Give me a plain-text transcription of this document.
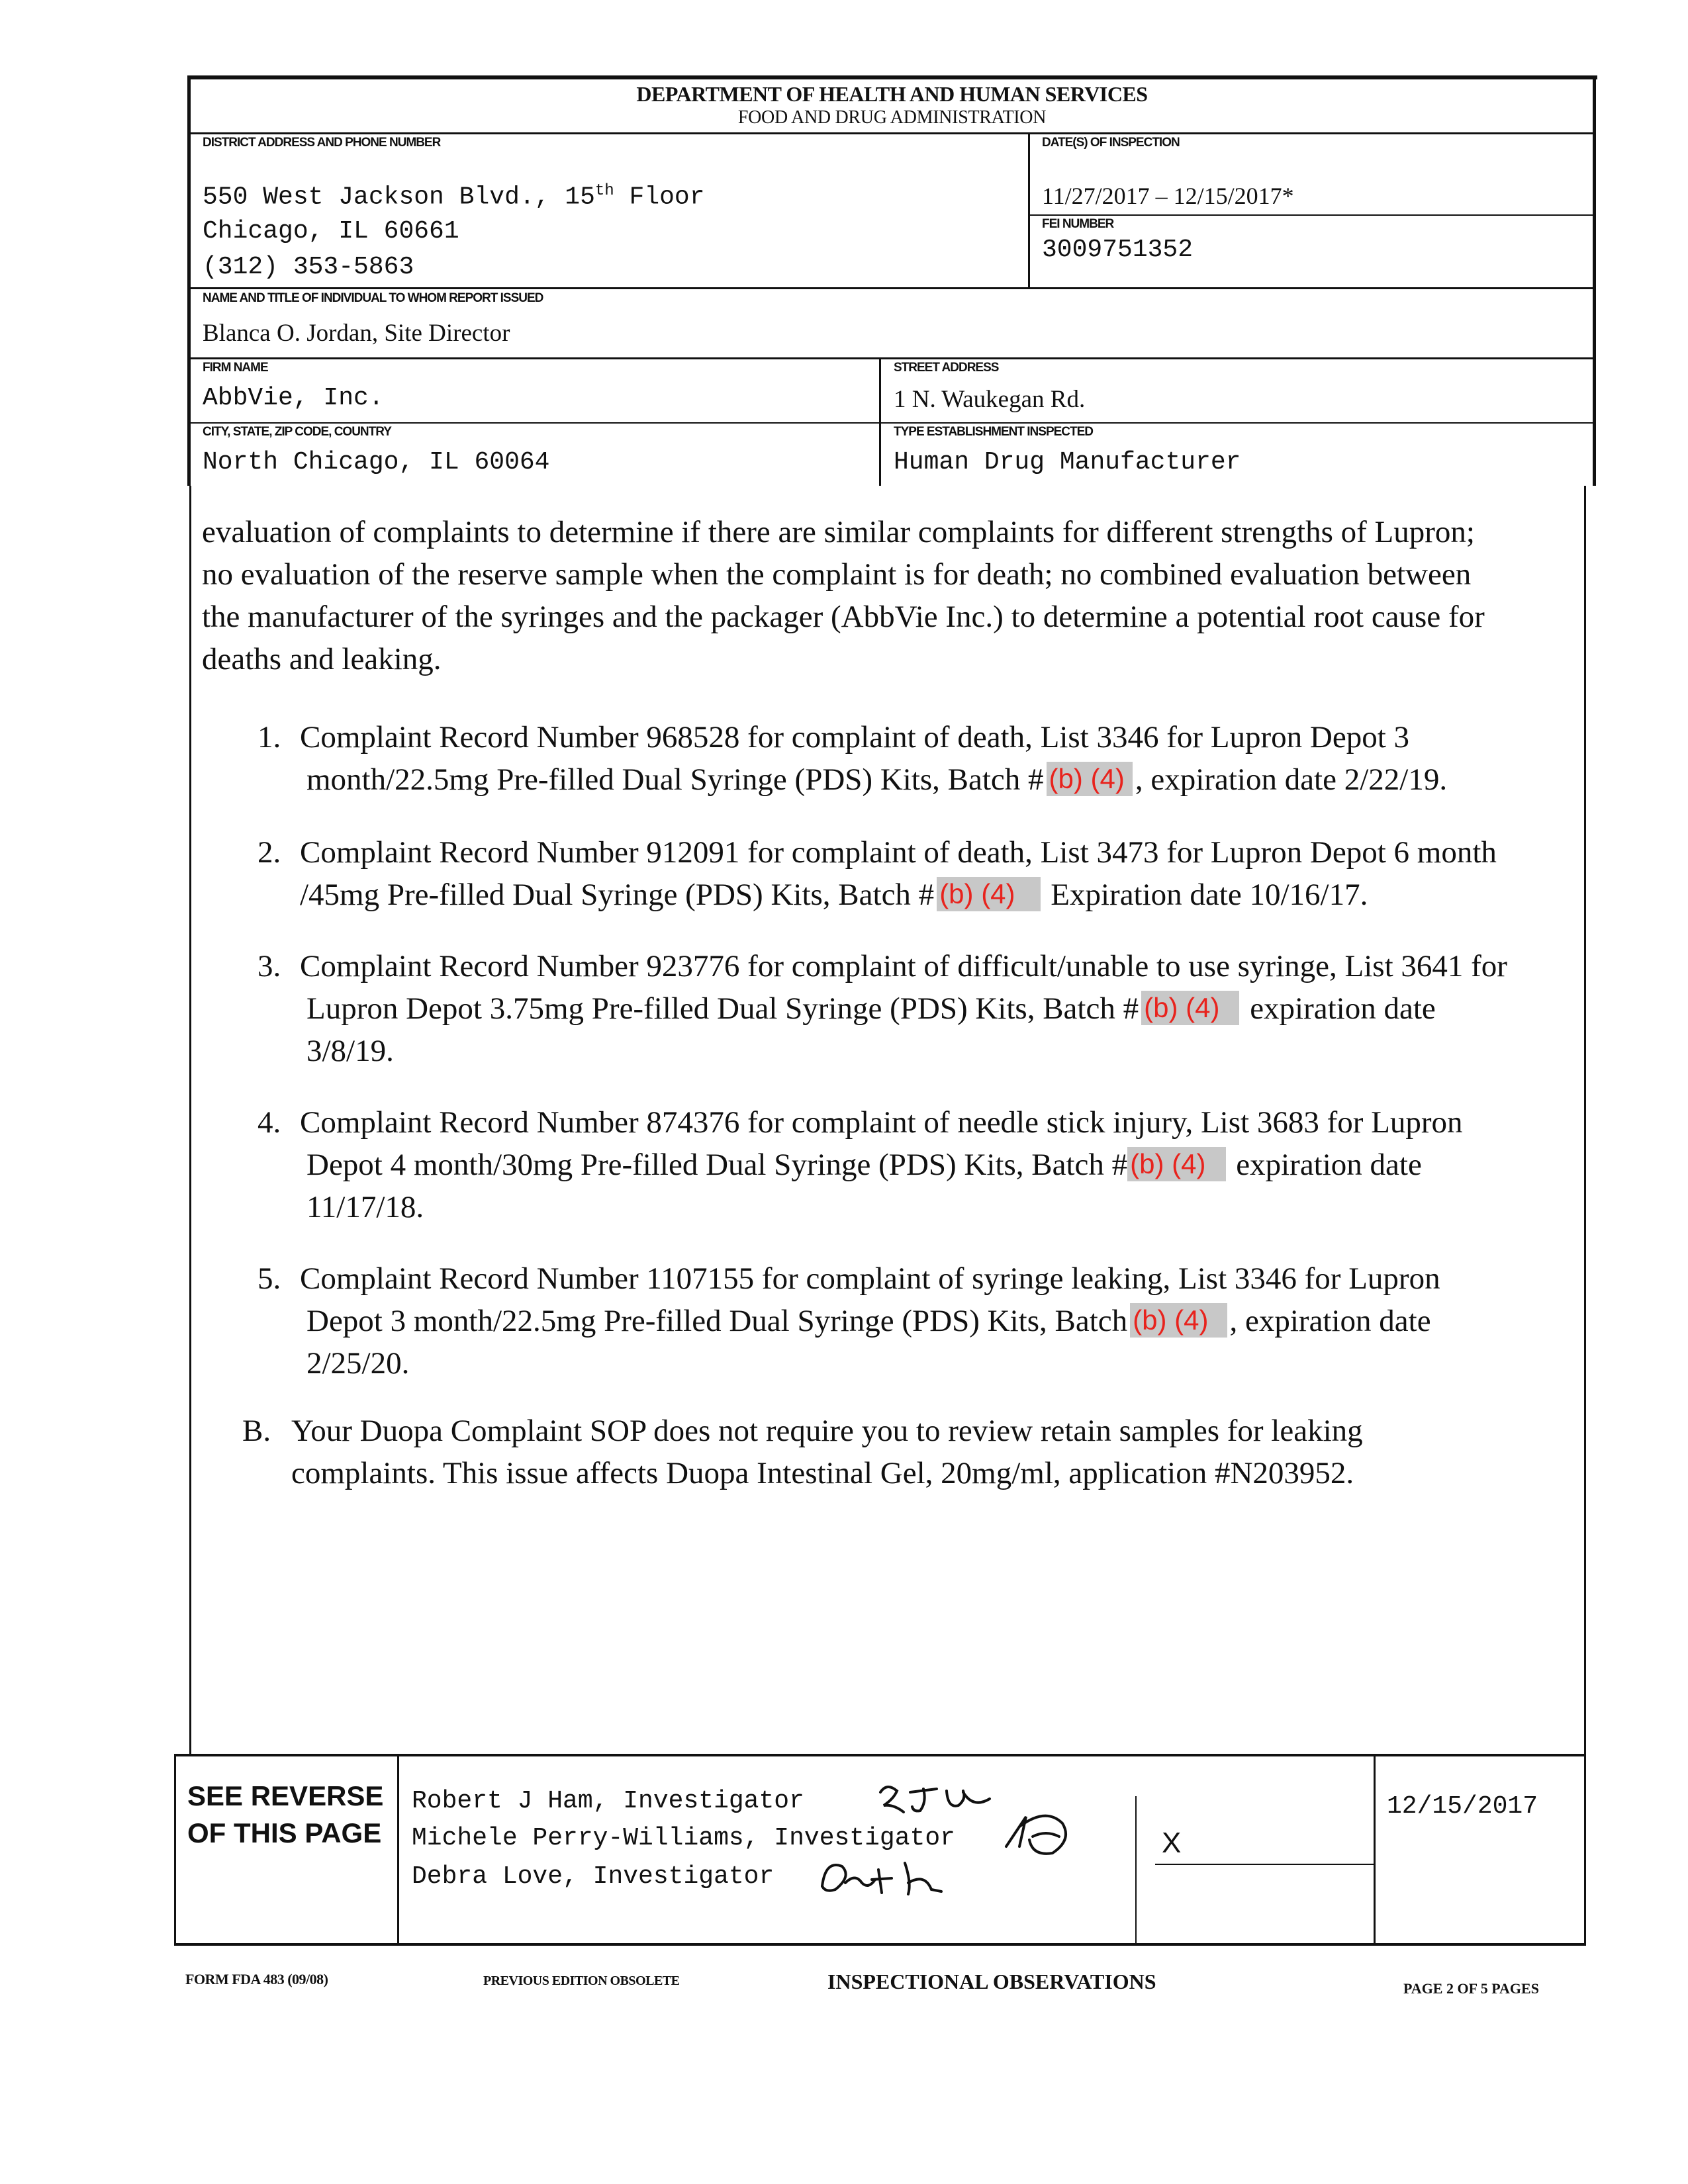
DEPARTMENT OF HEALTH AND HUMAN SERVICES
FOOD AND DRUG ADMINISTRATION
DISTRICT ADDRESS AND PHONE NUMBER
550 West Jackson Blvd., 15th Floor
Chicago, IL 60661
(312) 353-5863
DATE(S) OF INSPECTION
11/27/2017 – 12/15/2017*
FEI NUMBER
3009751352
NAME AND TITLE OF INDIVIDUAL TO WHOM REPORT ISSUED
Blanca O. Jordan, Site Director
FIRM NAME
AbbVie, Inc.
STREET ADDRESS
1 N. Waukegan Rd.
CITY, STATE, ZIP CODE, COUNTRY
North Chicago, IL 60064
TYPE ESTABLISHMENT INSPECTED
Human Drug Manufacturer
evaluation of complaints to determine if there are similar complaints for different strengths of Lupron;
no evaluation of the reserve sample when the complaint is for death; no combined evaluation between
the manufacturer of the syringes and the packager (AbbVie Inc.) to determine a potential root cause for
deaths and leaking.
1. Complaint Record Number 968528 for complaint of death, List 3346 for Lupron Depot 3
month/22.5mg Pre-filled Dual Syringe (PDS) Kits, Batch # (b) (4) , expiration date 2/22/19.
2. Complaint Record Number 912091 for complaint of death, List 3473 for Lupron Depot 6 month
/45mg Pre-filled Dual Syringe (PDS) Kits, Batch # (b) (4) Expiration date 10/16/17.
3. Complaint Record Number 923776 for complaint of difficult/unable to use syringe, List 3641 for
Lupron Depot 3.75mg Pre-filled Dual Syringe (PDS) Kits, Batch # (b) (4) expiration date
3/8/19.
4. Complaint Record Number 874376 for complaint of needle stick injury, List 3683 for Lupron
Depot 4 month/30mg Pre-filled Dual Syringe (PDS) Kits, Batch #(b) (4) expiration date
11/17/18.
5. Complaint Record Number 1107155 for complaint of syringe leaking, List 3346 for Lupron
Depot 3 month/22.5mg Pre-filled Dual Syringe (PDS) Kits, Batch (b) (4) , expiration date
2/25/20.
B. Your Duopa Complaint SOP does not require you to review retain samples for leaking
complaints. This issue affects Duopa Intestinal Gel, 20mg/ml, application #N203952.
SEE REVERSE
OF THIS PAGE
Robert J Ham, Investigator
Michele Perry-Williams, Investigator
Debra Love, Investigator
X
12/15/2017
FORM FDA 483 (09/08)	PREVIOUS EDITION OBSOLETE	INSPECTIONAL OBSERVATIONS	PAGE 2 OF 5 PAGES
